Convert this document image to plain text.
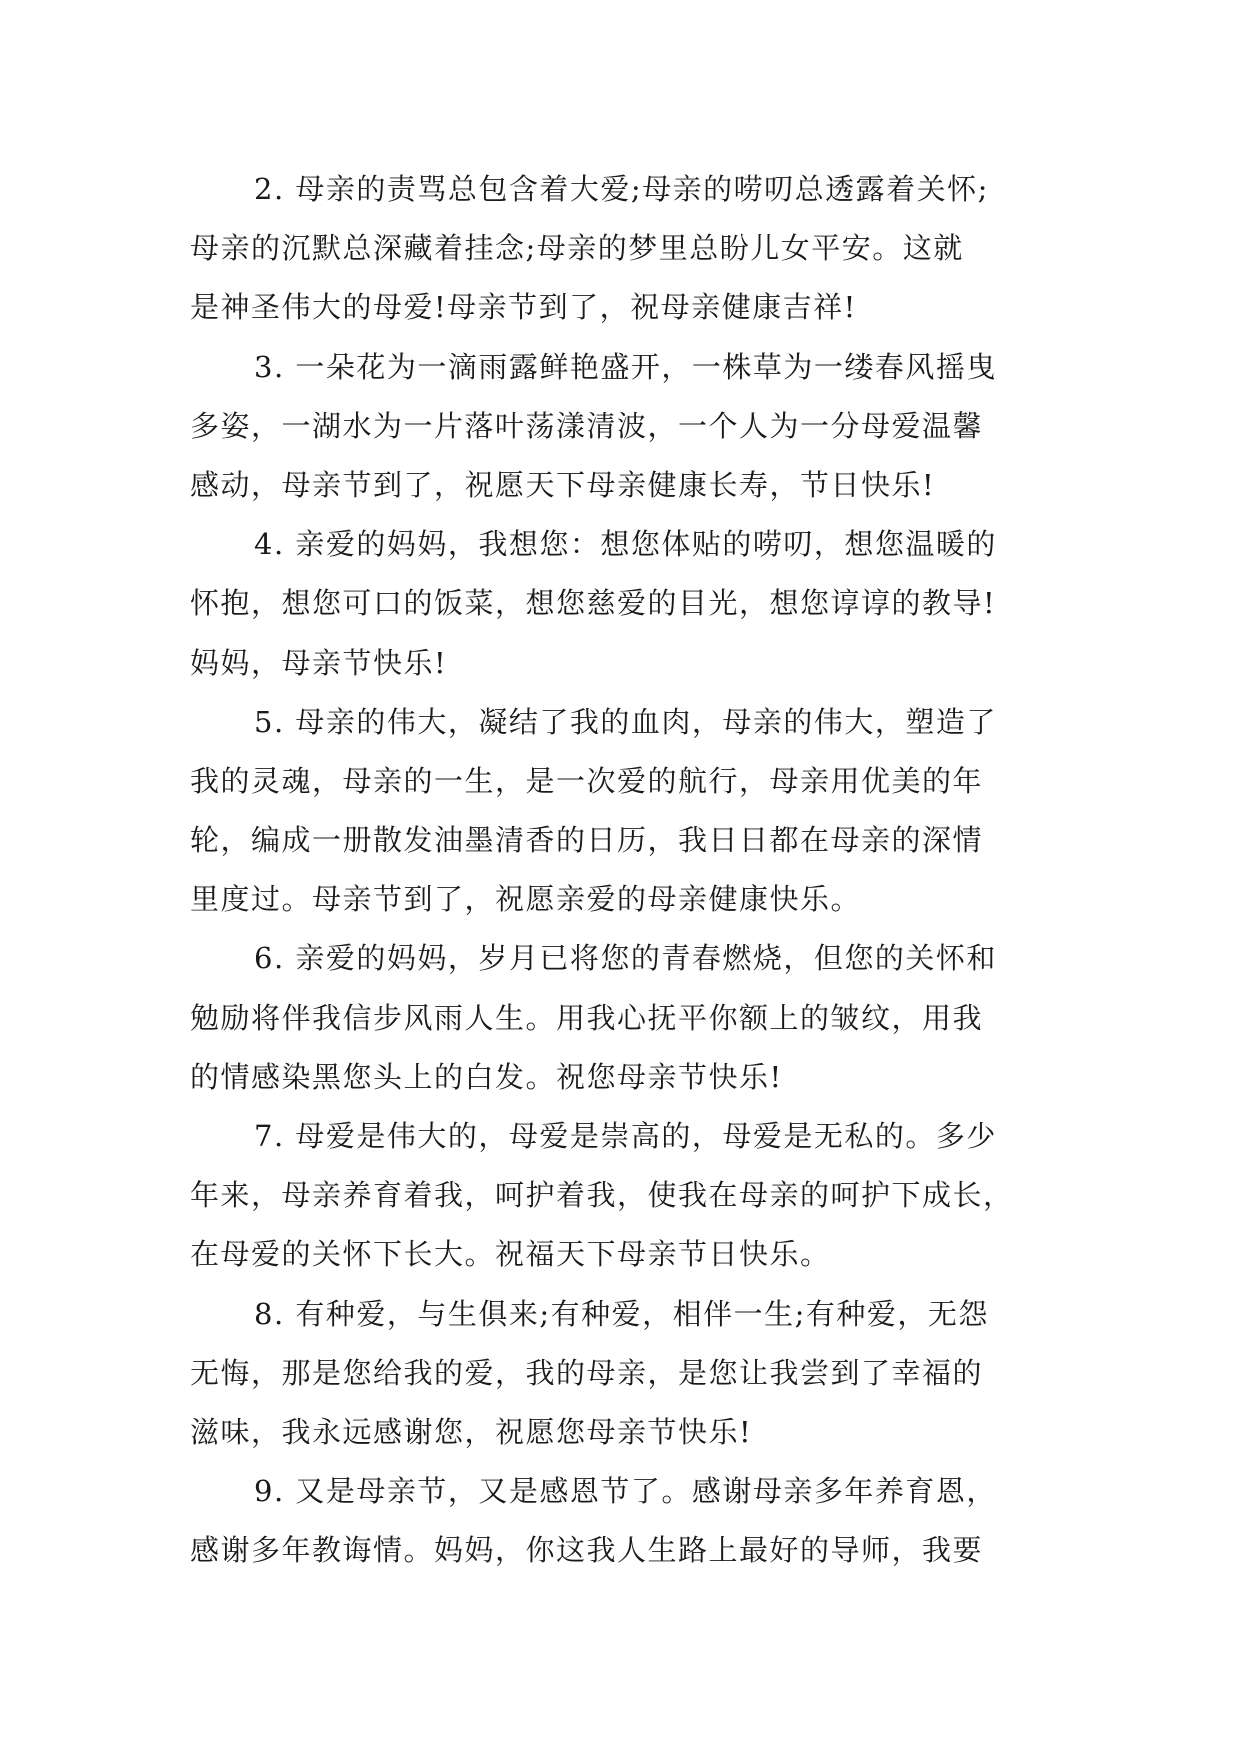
2. 母亲的责骂总包含着大爱;母亲的唠叨总透露着关怀;
母亲的沉默总深藏着挂念;母亲的梦里总盼儿女平安。这就
是神圣伟大的母爱!母亲节到了，祝母亲健康吉祥!
3. 一朵花为一滴雨露鲜艳盛开，一株草为一缕春风摇曳
多姿，一湖水为一片落叶荡漾清波，一个人为一分母爱温馨
感动，母亲节到了，祝愿天下母亲健康长寿，节日快乐!
4. 亲爱的妈妈，我想您：想您体贴的唠叨，想您温暖的
怀抱，想您可口的饭菜，想您慈爱的目光，想您谆谆的教导!
妈妈，母亲节快乐!
5. 母亲的伟大，凝结了我的血肉，母亲的伟大，塑造了
我的灵魂，母亲的一生，是一次爱的航行，母亲用优美的年
轮，编成一册散发油墨清香的日历，我日日都在母亲的深情
里度过。母亲节到了，祝愿亲爱的母亲健康快乐。
6. 亲爱的妈妈，岁月已将您的青春燃烧，但您的关怀和
勉励将伴我信步风雨人生。用我心抚平你额上的皱纹，用我
的情感染黑您头上的白发。祝您母亲节快乐!
7. 母爱是伟大的，母爱是崇高的，母爱是无私的。多少
年来，母亲养育着我，呵护着我，使我在母亲的呵护下成长，
在母爱的关怀下长大。祝福天下母亲节日快乐。
8. 有种爱，与生俱来;有种爱，相伴一生;有种爱，无怨
无悔，那是您给我的爱，我的母亲，是您让我尝到了幸福的
滋味，我永远感谢您，祝愿您母亲节快乐!
9. 又是母亲节，又是感恩节了。感谢母亲多年养育恩，
感谢多年教诲情。妈妈，你这我人生路上最好的导师，我要
